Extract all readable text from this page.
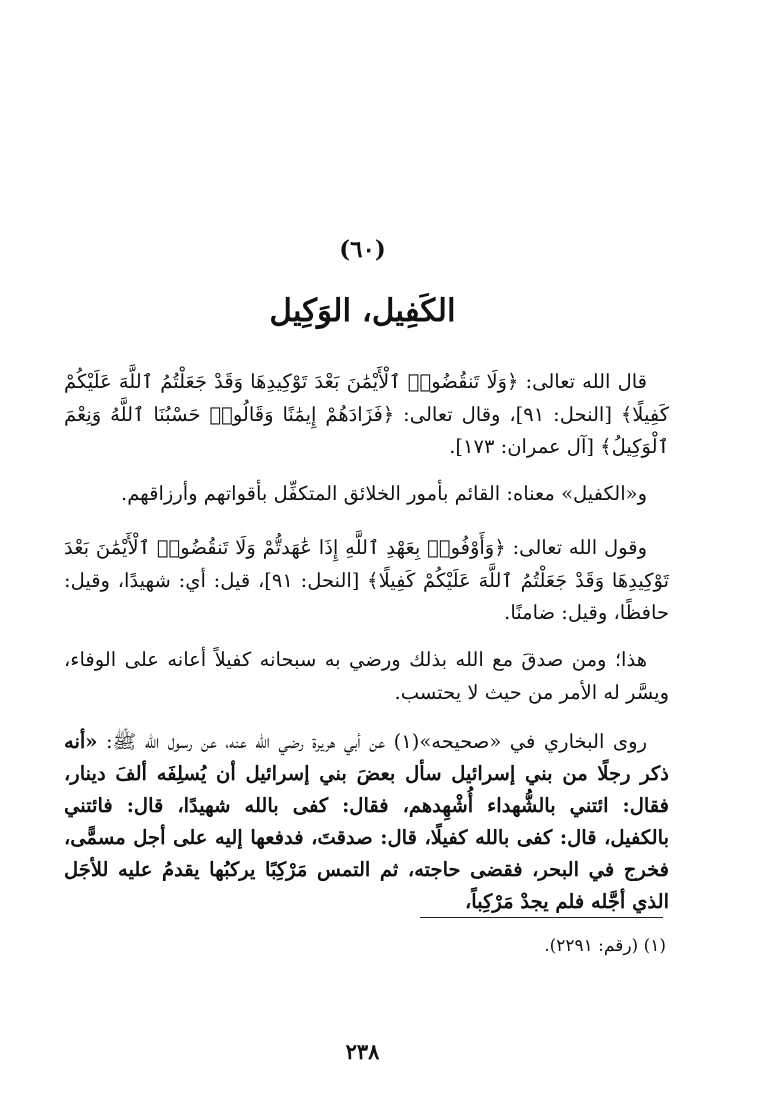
(٦٠)
الكَفِيل، الوَكِيل

قال الله تعالى: ﴿وَلَا تَنقُضُوا۟ ٱلْأَيْمَٰنَ بَعْدَ تَوْكِيدِهَا وَقَدْ جَعَلْتُمُ ٱللَّهَ عَلَيْكُمْ كَفِيلًا﴾ [النحل: ٩١]، وقال تعالى: ﴿فَزَادَهُمْ إِيمَٰنًا وَقَالُوا۟ حَسْبُنَا ٱللَّهُ وَنِعْمَ ٱلْوَكِيلُ﴾ [آل عمران: ١٧٣].

و«الكفيل» معناه: القائم بأمور الخلائق المتكفِّل بأقواتهم وأرزاقهم.

وقول الله تعالى: ﴿وَأَوْفُوا۟ بِعَهْدِ ٱللَّهِ إِذَا عَٰهَدتُّمْ وَلَا تَنقُضُوا۟ ٱلْأَيْمَٰنَ بَعْدَ تَوْكِيدِهَا وَقَدْ جَعَلْتُمُ ٱللَّهَ عَلَيْكُمْ كَفِيلًا﴾ [النحل: ٩١]، قيل: أي: شهيدًا، وقيل: حافظًا، وقيل: ضامنًا.

هذا؛ ومن صدقَ مع الله بذلك ورضي به سبحانه كفيلاً أعانه على الوفاء، ويسَّر له الأمر من حيث لا يحتسب.

روى البخاري في «صحيحه»(١) عن أبي هريرة رضي الله عنه، عن رسول الله ﷺ: «أنه ذكر رجلًا من بني إسرائيل سأل بعضَ بني إسرائيل أن يُسلِفَه ألفَ دينار، فقال: ائتني بالشُّهداء أُشْهِدهم، فقال: كفى بالله شهيدًا، قال: فائتني بالكفيل، قال: كفى بالله كفيلًا، قال: صدقتَ، فدفعها إليه على أجل مسمًّى، فخرج في البحر، فقضى حاجته، ثم التمس مَرْكِبًا يركبُها يقدمُ عليه للأجَل الذي أجَّله فلم يجدْ مَرْكِباً،

(١) (رقم: ٢٢٩١).
٢٣٨
